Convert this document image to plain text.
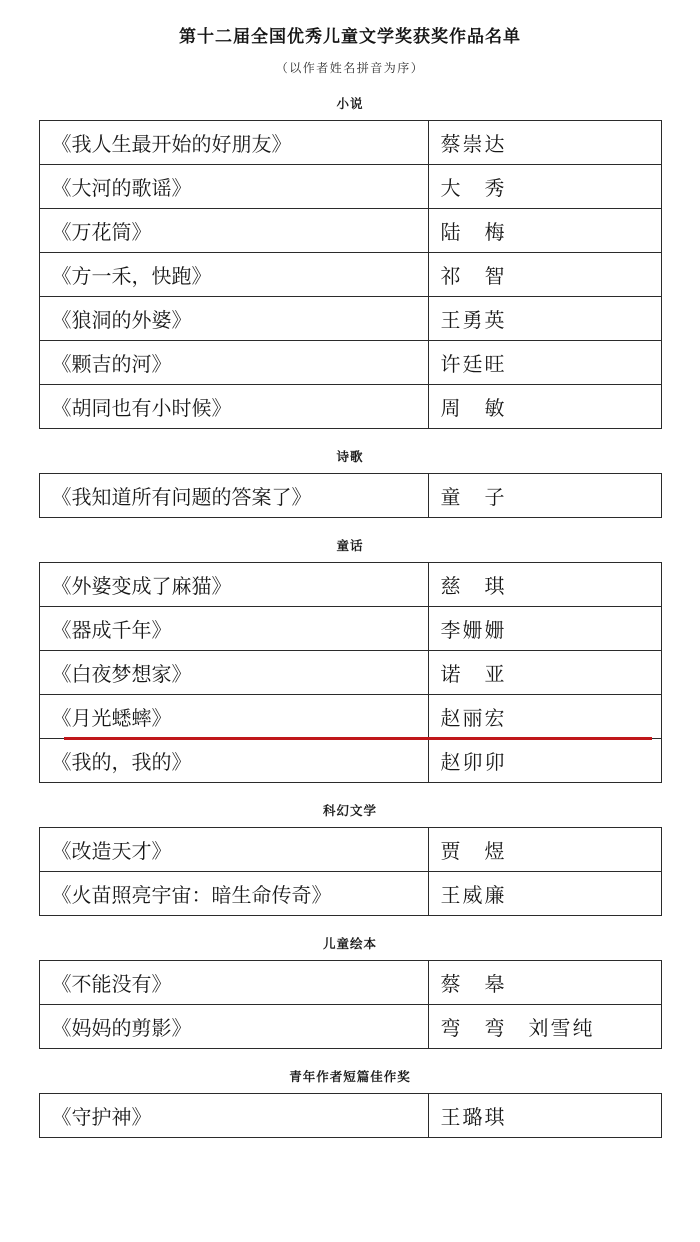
第十二届全国优秀儿童文学奖获奖作品名单
（以作者姓名拼音为序）
小说
《我人生最开始的好朋友》	蔡崇达
《大河的歌谣》	大　秀
《万花筒》	陆　梅
《方一禾，快跑》	祁　智
《狼洞的外婆》	王勇英
《颗吉的河》	许廷旺
《胡同也有小时候》	周　敏
诗歌
《我知道所有问题的答案了》	童　子
童话
《外婆变成了麻猫》	慈　琪
《器成千年》	李姗姗
《白夜梦想家》	诺　亚
《月光蟋蟀》	赵丽宏
《我的，我的》	赵卯卯
科幻文学
《改造天才》	贾　煜
《火苗照亮宇宙：暗生命传奇》	王威廉
儿童绘本
《不能没有》	蔡　皋
《妈妈的剪影》	弯　弯　刘雪纯
青年作者短篇佳作奖
《守护神》	王璐琪
